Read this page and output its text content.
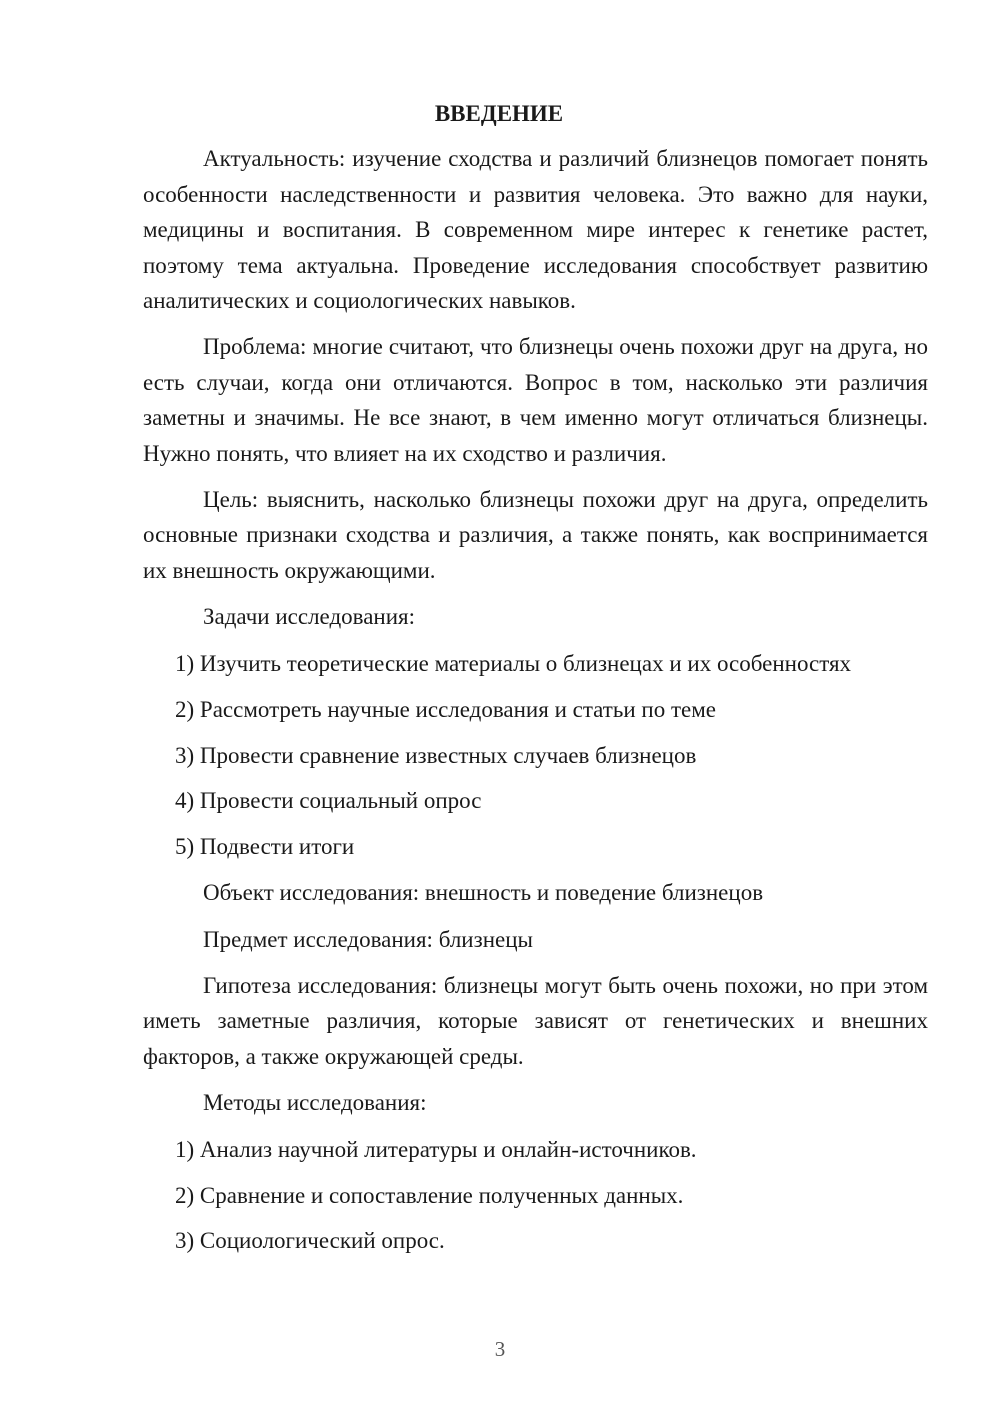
ВВЕДЕНИЕ

Актуальность: изучение сходства и различий близнецов помогает понять особенности наследственности и развития человека. Это важно для науки, медицины и воспитания. В современном мире интерес к генетике растет, поэтому тема актуальна. Проведение исследования способствует развитию аналитических и социологических навыков.

Проблема: многие считают, что близнецы очень похожи друг на друга, но есть случаи, когда они отличаются. Вопрос в том, насколько эти различия заметны и значимы. Не все знают, в чем именно могут отличаться близнецы. Нужно понять, что влияет на их сходство и различия.

Цель: выяснить, насколько близнецы похожи друг на друга, определить основные признаки сходства и различия, а также понять, как воспринимается их внешность окружающими.

Задачи исследования:

1) Изучить теоретические материалы о близнецах и их особенностях
2) Рассмотреть научные исследования и статьи по теме
3) Провести сравнение известных случаев близнецов
4) Провести социальный опрос
5) Подвести итоги

Объект исследования: внешность и поведение близнецов

Предмет исследования: близнецы

Гипотеза исследования: близнецы могут быть очень похожи, но при этом иметь заметные различия, которые зависят от генетических и внешних факторов, а также окружающей среды.

Методы исследования:

1) Анализ научной литературы и онлайн-источников.
2) Сравнение и сопоставление полученных данных.
3) Социологический опрос.
3
